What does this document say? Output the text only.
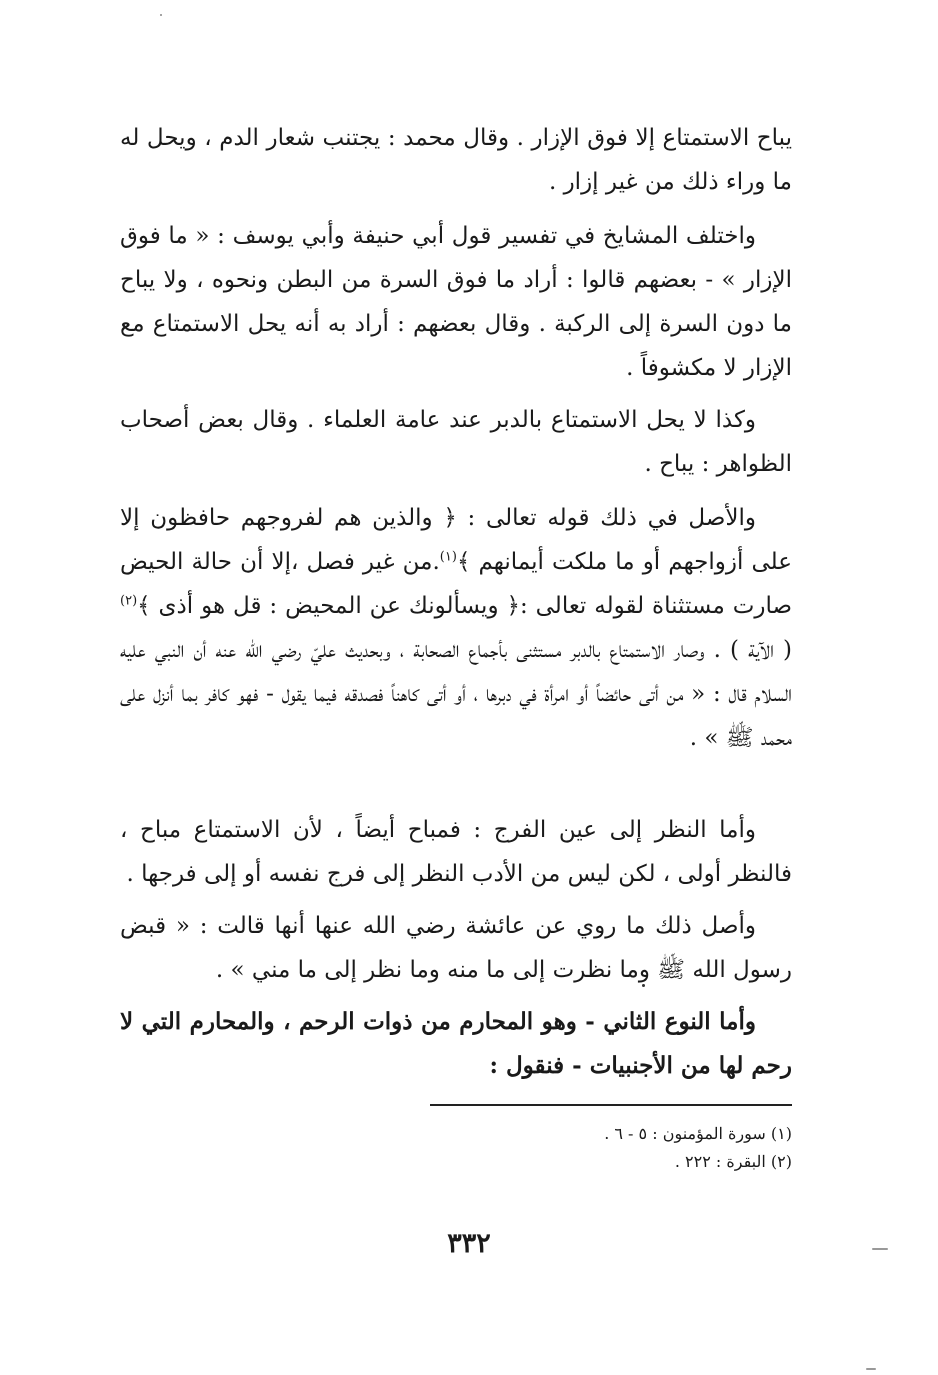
يباح الاستمتاع إلا فوق الإزار . وقال محمد : يجتنب شعار الدم ، ويحل له ما وراء ذلك من غير إزار .
واختلف المشايخ في تفسير قول أبي حنيفة وأبي يوسف : « ما فوق الإزار » - بعضهم قالوا : أراد ما فوق السرة من البطن ونحوه ، ولا يباح ما دون السرة إلى الركبة . وقال بعضهم : أراد به أنه يحل الاستمتاع مع الإزار لا مكشوفاً .
وكذا لا يحل الاستمتاع بالدبر عند عامة العلماء . وقال بعض أصحاب الظواهر : يباح .
والأصل في ذلك قوله تعالى : ﴿ والذين هم لفروجهم حافظون إلا على أزواجهم أو ما ملكت أيمانهم ﴾$^{(١)}$.من غير فصل ،إلا أن حالة الحيض صارت مستثناة لقوله تعالى :﴿ ويسألونك عن المحيض : قل هو أذى ﴾$^{(٢)}$ ( الآية ) . وصار الاستمتاع بالدبر مستثنى بأجماع الصحابة ، وبحديث عليّ رضي الله عنه أن النبي عليه السلام قال : « من أتى حائضاً أو امرأة في دبرها ، أو أتى كاهناً فصدقه فيما يقول - فهو كافر بما أنزل على محمد ﷺ » .
وأما النظر إلى عين الفرج : فمباح أيضاً ، لأن الاستمتاع مباح ، فالنظر أولى ، لكن ليس من الأدب النظر إلى فرج نفسه أو إلى فرجها .
وأصل ذلك ما روي عن عائشة رضي الله عنها أنها قالت : « قبض رسول الله ﷺ وما نظرت إلى ما منه وما نظر إلى ما مني » .
وأما النوع الثاني - وهو المحارم من ذوات الرحم ، والمحارم التي لا رحم لها من الأجنبيات - فنقول :
(١) سورة المؤمنون : ٥ - ٦ .
(٢) البقرة : ٢٢٢ .
٣٣٢
